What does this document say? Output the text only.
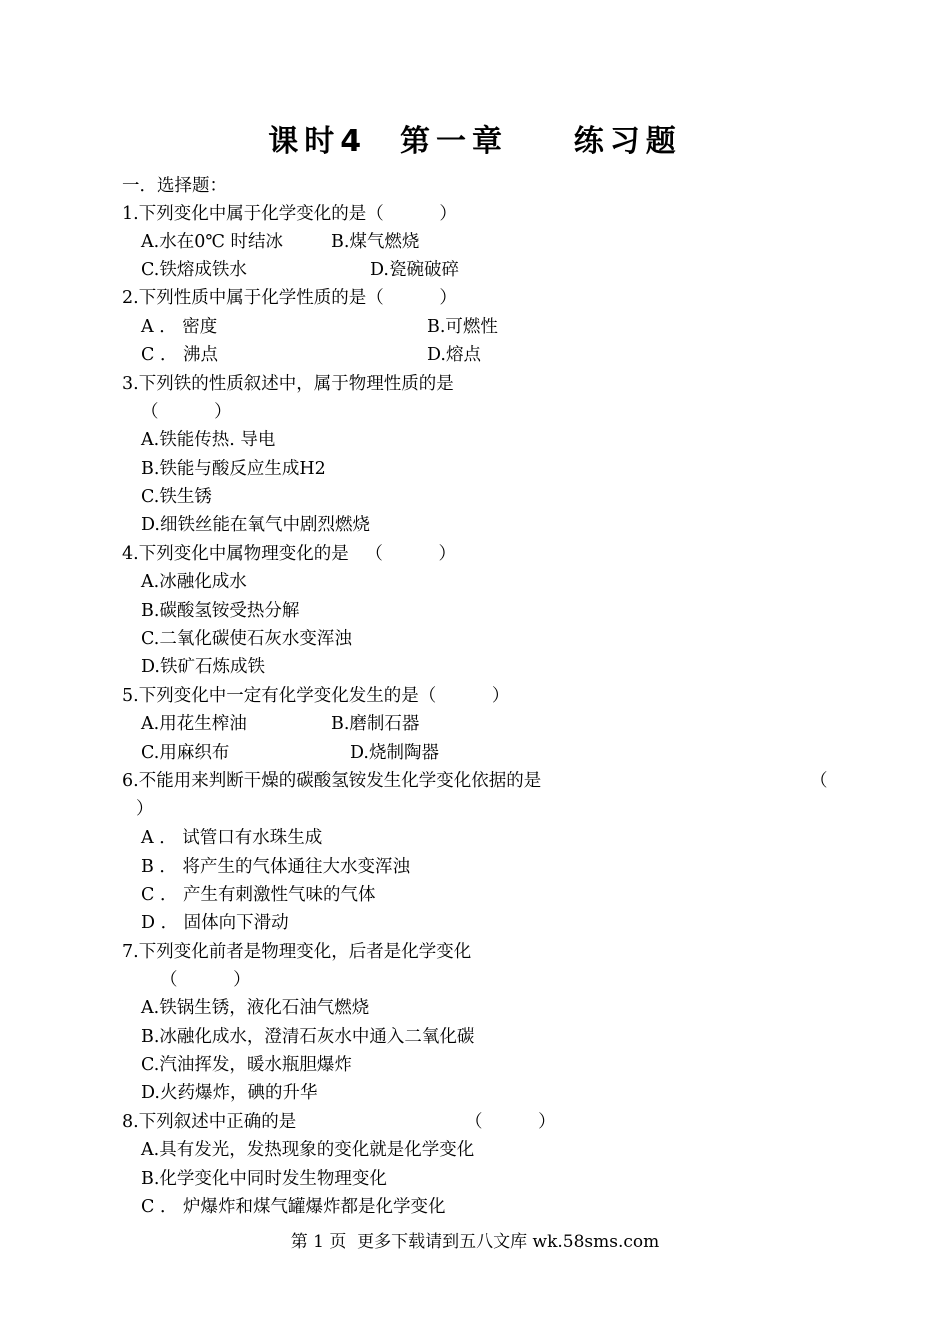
课时4  第一章    练习题
一．选择题：
1.下列变化中属于化学变化的是（          ）
A.水在0℃ 时结冰	B.煤气燃烧
C.铁熔成铁水	D.瓷碗破碎
2.下列性质中属于化学性质的是（          ）
A ． 密度	B.可燃性
C ． 沸点	D.熔点
3.下列铁的性质叙述中，属于物理性质的是
（          ）
A.铁能传热. 导电
B.铁能与酸反应生成H2
C.铁生锈
D.细铁丝能在氧气中剧烈燃烧
4.下列变化中属物理变化的是   （          ）
A.冰融化成水
B.碳酸氢铵受热分解
C.二氧化碳使石灰水变浑浊
D.铁矿石炼成铁
5.下列变化中一定有化学变化发生的是（          ）
A.用花生榨油	B.磨制石器
C.用麻织布	D.烧制陶器
6.不能用来判断干燥的碳酸氢铵发生化学变化依据的是	（
）
A ． 试管口有水珠生成
B ． 将产生的气体通往大水变浑浊
C ． 产生有刺激性气味的气体
D ． 固体向下滑动
7.下列变化前者是物理变化，后者是化学变化
（          ）
A.铁锅生锈，液化石油气燃烧
B.冰融化成水，澄清石灰水中通入二氧化碳
C.汽油挥发，暖水瓶胆爆炸
D.火药爆炸，碘的升华
8.下列叙述中正确的是	（          ）
A.具有发光，发热现象的变化就是化学变化
B.化学变化中同时发生物理变化
C ． 炉爆炸和煤气罐爆炸都是化学变化
第 1 页  更多下载请到五八文库 wk.58sms.com
